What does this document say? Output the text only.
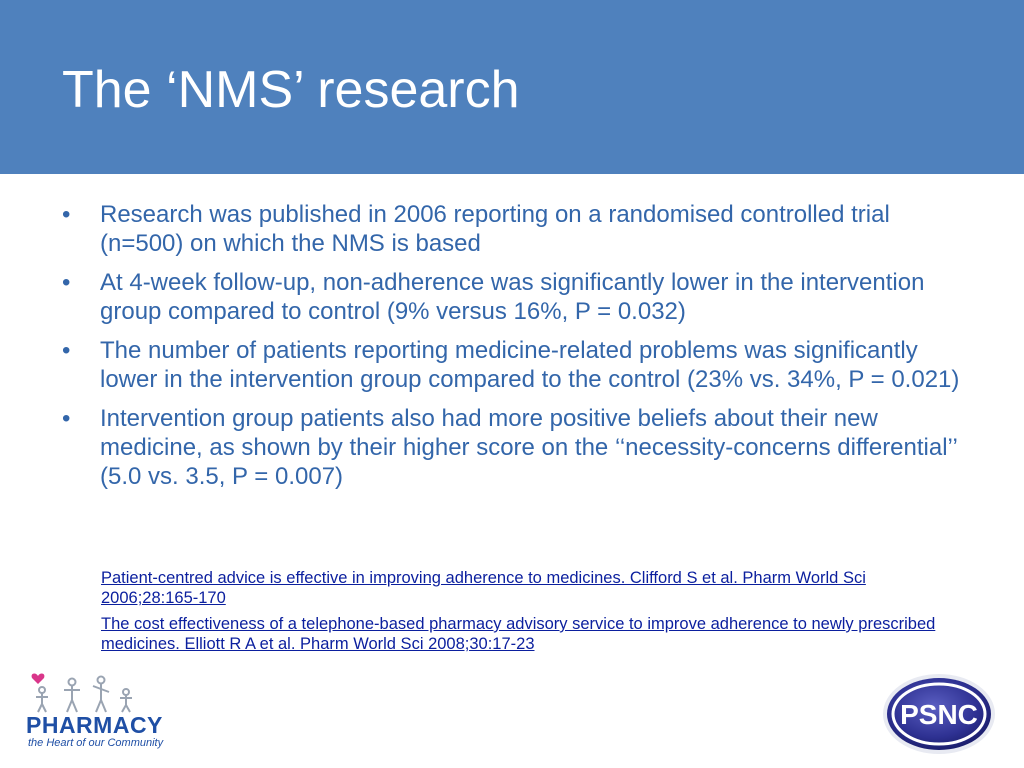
The ‘NMS’ research
• Research was published in 2006 reporting on a randomised controlled trial (n=500) on which the NMS is based
• At 4-week follow-up, non-adherence was significantly lower in the intervention group compared to control (9% versus 16%, P = 0.032)
• The number of patients reporting medicine-related problems was significantly lower in the intervention group compared to the control (23% vs. 34%, P = 0.021)
• Intervention group patients also had more positive beliefs about their new medicine, as shown by their higher score on the ‘‘necessity-concerns differential’’ (5.0 vs. 3.5, P = 0.007)
Patient-centred advice is effective in improving adherence to medicines. Clifford S et al. Pharm World Sci 2006;28:165-170
The cost effectiveness of a telephone-based pharmacy advisory service to improve adherence to newly prescribed medicines. Elliott R A et al. Pharm World Sci 2008;30:17-23
PHARMACY
the Heart of our Community
PSNC
